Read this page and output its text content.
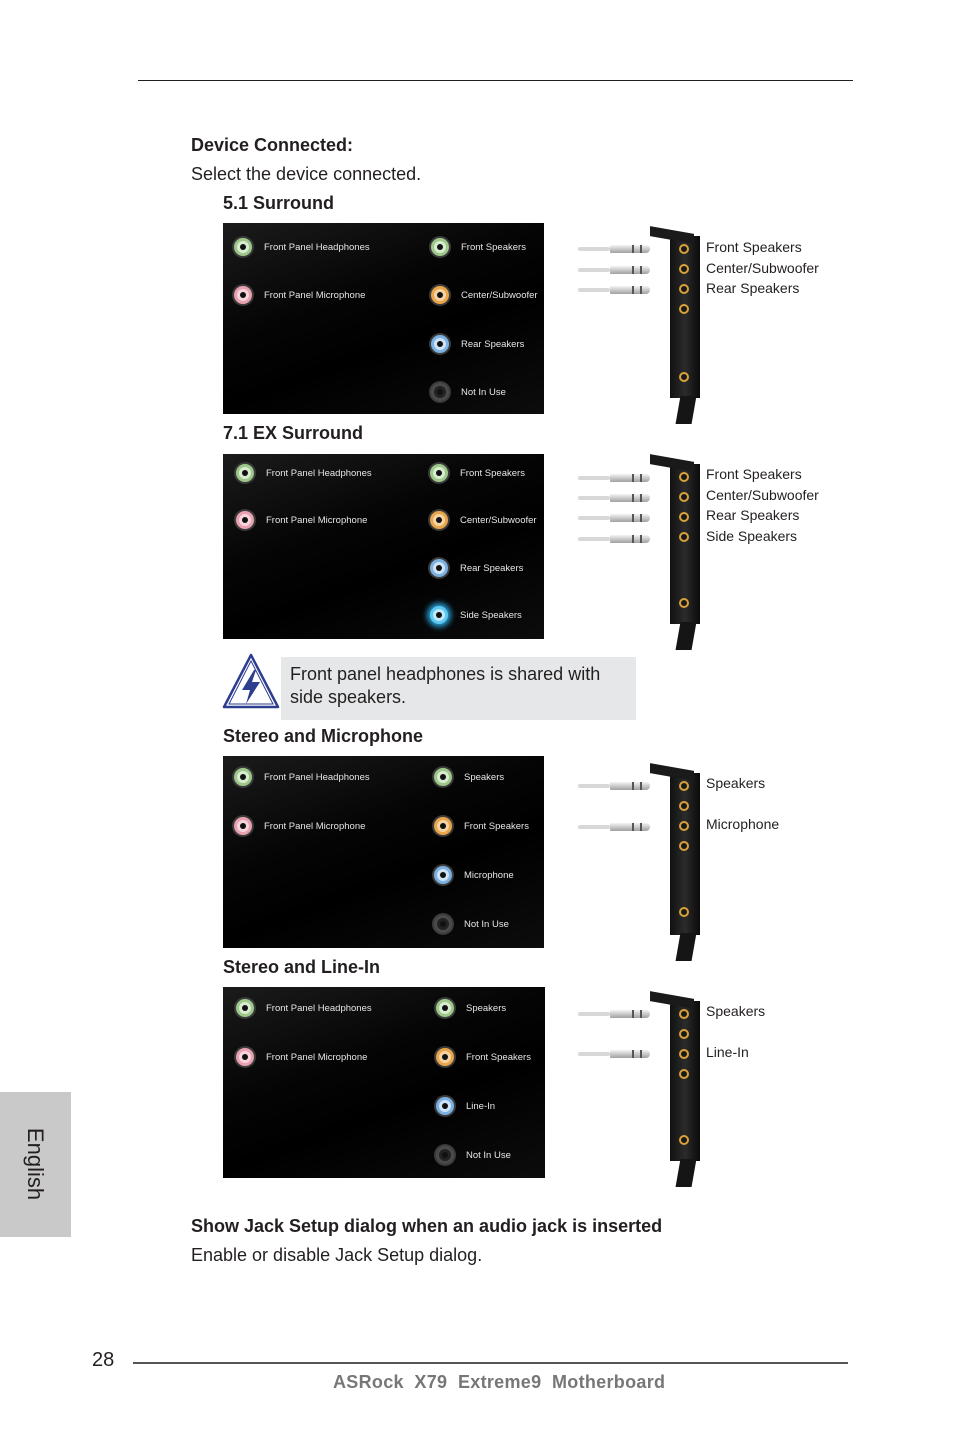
Device Connected:
Select the device connected.
5.1 Surround
Front Panel Headphones
Front Panel Microphone
Front Speakers
Center/Subwoofer
Rear Speakers
Not In Use
Front Speakers
Center/Subwoofer
Rear Speakers
7.1 EX Surround
Front Panel Headphones
Front Panel Microphone
Front Speakers
Center/Subwoofer
Rear Speakers
Side Speakers
Front Speakers
Center/Subwoofer
Rear Speakers
Side Speakers
Front panel headphones is shared with side speakers.
Stereo and Microphone
Front Panel Headphones
Front Panel Microphone
Speakers
Front Speakers
Microphone
Not In Use
Speakers
Microphone
Stereo and Line-In
Front Panel Headphones
Front Panel Microphone
Speakers
Front Speakers
Line-In
Not In Use
Speakers
Line-In
Show Jack Setup dialog when an audio jack is inserted
Enable or disable Jack Setup dialog.
English
28
ASRock  X79  Extreme9  Motherboard
